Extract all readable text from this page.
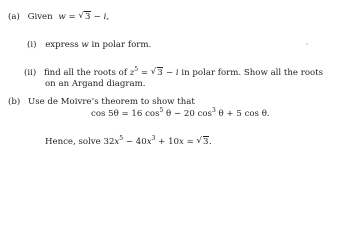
(a) Given w = √ 3 − i,
(i) express w in polar form.
(ii) find all the roots of $z^5$ = √ 3 − i in polar form. Show all the roots
on an Argand diagram.
(b) Use de Moivre’s theorem to show that
cos 5θ = 16 $\cos^5 \theta - 20$ $\cos^3 \theta + 5$ cos θ.
Hence, solve $32x^5 - 40x^3 + 10x$ = √ 3.
